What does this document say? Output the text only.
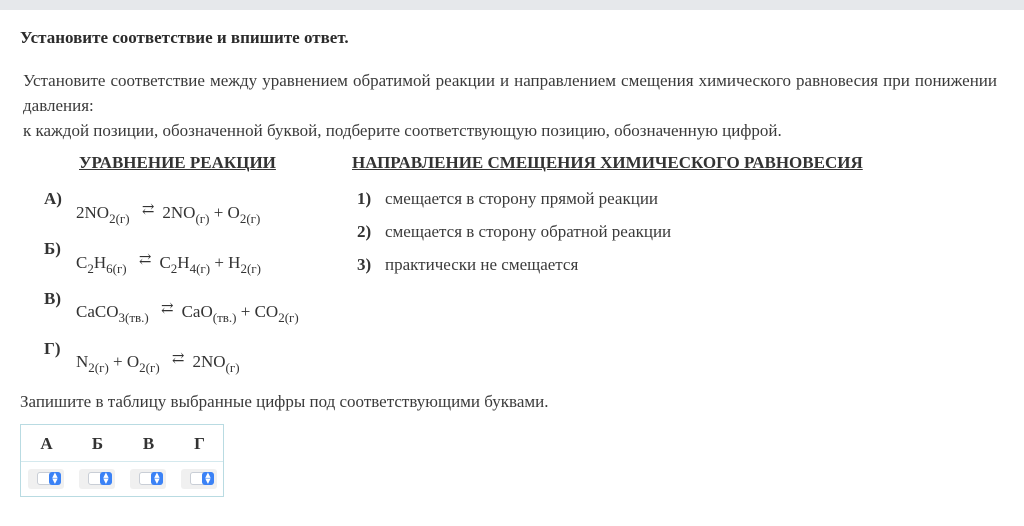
Установите соответствие и впишите ответ.
Установите соответствие между уравнением обратимой реакции и направлением смещения химического равновесия при понижении давления:
к каждой позиции, обозначенной буквой, подберите соответствующую позицию, обозначенную цифрой.
УРАВНЕНИЕ РЕАКЦИИ	НАПРАВЛЕНИЕ СМЕЩЕНИЯ ХИМИЧЕСКОГО РАВНОВЕСИЯ
А)
$2NO_{2(г)}$ ⇄ $2NO_{(г)} + O_{2(г)}$
Б)
$C_2H_{6(г)}$ ⇄ $C_2H_{4(г)} + H_{2(г)}$
В)
CaCO$_{3(тв.)}$ ⇄ $CaO_{(тв.)} + CO_{2(г)}$
Г)
$N_{2(г)} + O_{2(г)}$ ⇄ $2NO_{(г)}$
1) смещается в сторону прямой реакции
2) смещается в сторону обратной реакции
3) практически не смещается
Запишите в таблицу выбранные цифры под соответствующими буквами.
А	Б	В	Г
▲
▼
▲
▼
▲
▼
▲
▼
